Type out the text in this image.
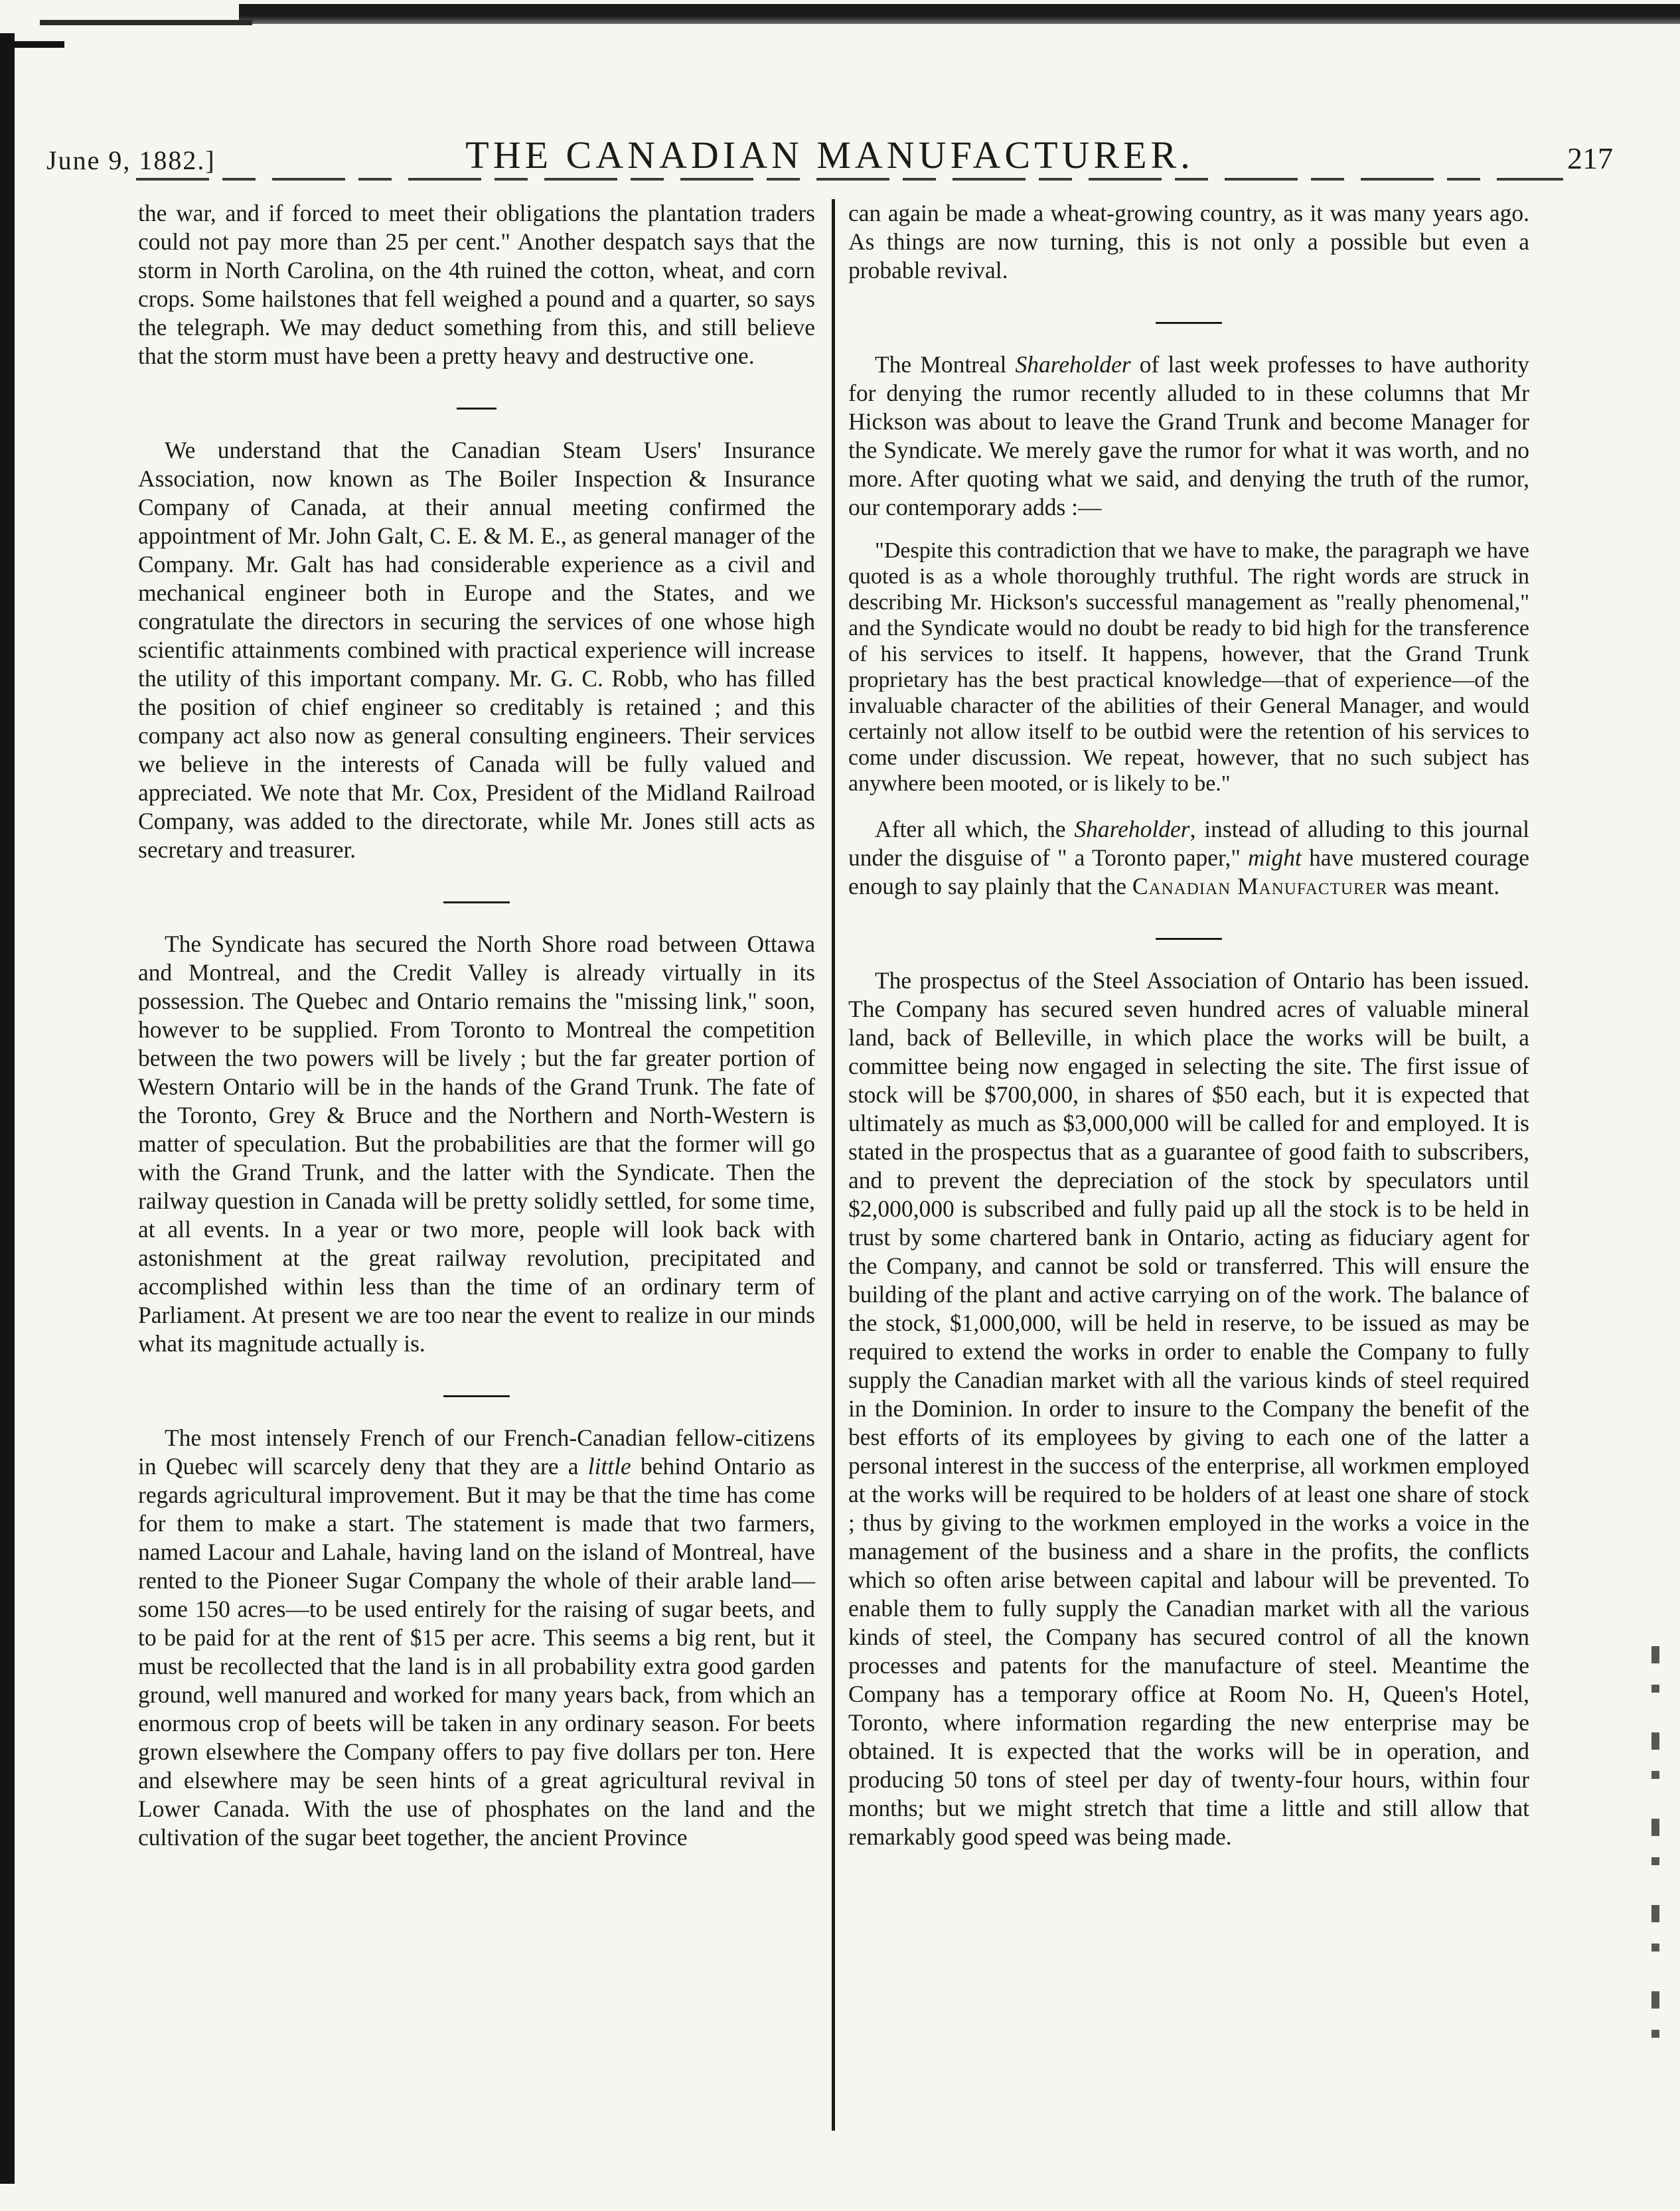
June 9, 1882.]	THE CANADIAN MANUFACTURER.	217

the war, and if forced to meet their obligations the plantation traders could not pay more than 25 per cent." Another despatch says that the storm in North Carolina, on the 4th ruined the cotton, wheat, and corn crops. Some hailstones that fell weighed a pound and a quarter, so says the telegraph. We may deduct something from this, and still believe that the storm must have been a pretty heavy and destructive one.

We understand that the Canadian Steam Users' Insurance Association, now known as The Boiler Inspection & Insurance Company of Canada, at their annual meeting confirmed the appointment of Mr. John Galt, C. E. & M. E., as general manager of the Company. Mr. Galt has had considerable experience as a civil and mechanical engineer both in Europe and the States, and we congratulate the directors in securing the services of one whose high scientific attainments combined with practical experience will increase the utility of this important company. Mr. G. C. Robb, who has filled the position of chief engineer so creditably is retained ; and this company act also now as general consulting engineers. Their services we believe in the interests of Canada will be fully valued and appreciated. We note that Mr. Cox, President of the Midland Railroad Company, was added to the directorate, while Mr. Jones still acts as secretary and treasurer.

The Syndicate has secured the North Shore road between Ottawa and Montreal, and the Credit Valley is already virtually in its possession. The Quebec and Ontario remains the "missing link," soon, however to be supplied. From Toronto to Montreal the competition between the two powers will be lively ; but the far greater portion of Western Ontario will be in the hands of the Grand Trunk. The fate of the Toronto, Grey & Bruce and the Northern and North-Western is matter of speculation. But the probabilities are that the former will go with the Grand Trunk, and the latter with the Syndicate. Then the railway question in Canada will be pretty solidly settled, for some time, at all events. In a year or two more, people will look back with astonishment at the great railway revolution, precipitated and accomplished within less than the time of an ordinary term of Parliament. At present we are too near the event to realize in our minds what its magnitude actually is.

The most intensely French of our French-Canadian fellow-citizens in Quebec will scarcely deny that they are a little behind Ontario as regards agricultural improvement. But it may be that the time has come for them to make a start. The statement is made that two farmers, named Lacour and Lahale, having land on the island of Montreal, have rented to the Pioneer Sugar Company the whole of their arable land—some 150 acres—to be used entirely for the raising of sugar beets, and to be paid for at the rent of $15 per acre. This seems a big rent, but it must be recollected that the land is in all probability extra good garden ground, well manured and worked for many years back, from which an enormous crop of beets will be taken in any ordinary season. For beets grown elsewhere the Company offers to pay five dollars per ton. Here and elsewhere may be seen hints of a great agricultural revival in Lower Canada. With the use of phosphates on the land and the cultivation of the sugar beet together, the ancient Province

can again be made a wheat-growing country, as it was many years ago. As things are now turning, this is not only a possible but even a probable revival.

The Montreal Shareholder of last week professes to have authority for denying the rumor recently alluded to in these columns that Mr Hickson was about to leave the Grand Trunk and become Manager for the Syndicate. We merely gave the rumor for what it was worth, and no more. After quoting what we said, and denying the truth of the rumor, our contemporary adds :—

"Despite this contradiction that we have to make, the paragraph we have quoted is as a whole thoroughly truthful. The right words are struck in describing Mr. Hickson's successful management as "really phenomenal," and the Syndicate would no doubt be ready to bid high for the transference of his services to itself. It happens, however, that the Grand Trunk proprietary has the best practical knowledge—that of experience—of the invaluable character of the abilities of their General Manager, and would certainly not allow itself to be outbid were the retention of his services to come under discussion. We repeat, however, that no such subject has anywhere been mooted, or is likely to be."

After all which, the Shareholder, instead of alluding to this journal under the disguise of " a Toronto paper," might have mustered courage enough to say plainly that the Canadian Manufacturer was meant.

The prospectus of the Steel Association of Ontario has been issued. The Company has secured seven hundred acres of valuable mineral land, back of Belleville, in which place the works will be built, a committee being now engaged in selecting the site. The first issue of stock will be $700,000, in shares of $50 each, but it is expected that ultimately as much as $3,000,000 will be called for and employed. It is stated in the prospectus that as a guarantee of good faith to subscribers, and to prevent the depreciation of the stock by speculators until $2,000,000 is subscribed and fully paid up all the stock is to be held in trust by some chartered bank in Ontario, acting as fiduciary agent for the Company, and cannot be sold or transferred. This will ensure the building of the plant and active carrying on of the work. The balance of the stock, $1,000,000, will be held in reserve, to be issued as may be required to extend the works in order to enable the Company to fully supply the Canadian market with all the various kinds of steel required in the Dominion. In order to insure to the Company the benefit of the best efforts of its employees by giving to each one of the latter a personal interest in the success of the enterprise, all workmen employed at the works will be required to be holders of at least one share of stock ; thus by giving to the workmen employed in the works a voice in the management of the business and a share in the profits, the conflicts which so often arise between capital and labour will be prevented. To enable them to fully supply the Canadian market with all the various kinds of steel, the Company has secured control of all the known processes and patents for the manufacture of steel. Meantime the Company has a temporary office at Room No. H, Queen's Hotel, Toronto, where information regarding the new enterprise may be obtained. It is expected that the works will be in operation, and producing 50 tons of steel per day of twenty-four hours, within four months; but we might stretch that time a little and still allow that remarkably good speed was being made.
